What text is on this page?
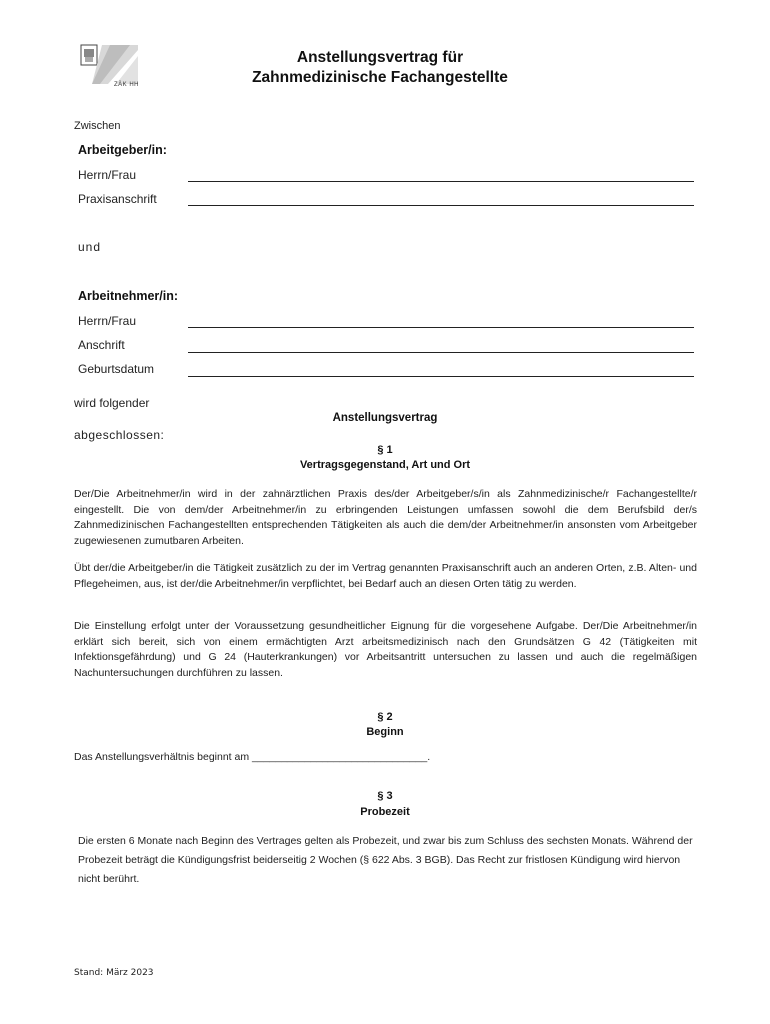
ZÄK HH
Anstellungsvertrag für
Zahnmedizinische Fachangestellte
Zwischen
Arbeitgeber/in:
Herrn/Frau
Praxisanschrift
und
Arbeitnehmer/in:
Herrn/Frau
Anschrift
Geburtsdatum
wird folgender
Anstellungsvertrag
abgeschlossen:
§ 1
Vertragsgegenstand, Art und Ort
Der/Die Arbeitnehmer/in wird in der zahnärztlichen Praxis des/der Arbeitgeber/s/in als Zahnmedizinische/r Fachangestellte/r eingestellt. Die von dem/der Arbeitnehmer/in zu erbringenden Leistungen umfassen sowohl die dem Berufsbild der/s Zahnmedizinischen Fachangestellten entsprechenden Tätigkeiten als auch die dem/der Arbeitnehmer/in ansonsten vom Arbeitgeber zugewiesenen zumutbaren Arbeiten.
Übt der/die Arbeitgeber/in die Tätigkeit zusätzlich zu der im Vertrag genannten Praxisanschrift auch an anderen Orten, z.B. Alten- und Pflegeheimen, aus, ist der/die Arbeitnehmer/in verpflichtet, bei Bedarf auch an diesen Orten tätig zu werden.
Die Einstellung erfolgt unter der Voraussetzung gesundheitlicher Eignung für die vorgesehene Aufgabe. Der/Die Arbeitnehmer/in erklärt sich bereit, sich von einem ermächtigten Arzt arbeitsmedizinisch nach den Grundsätzen G 42 (Tätigkeiten mit Infektionsgefährdung) und G 24 (Hauterkrankungen) vor Arbeitsantritt untersuchen zu lassen und auch die regelmäßigen Nachuntersuchungen durchführen zu lassen.
§ 2
Beginn
Das Anstellungsverhältnis beginnt am ______________________________.
§ 3
Probezeit
Die ersten 6 Monate nach Beginn des Vertrages gelten als Probezeit, und zwar bis zum Schluss des sechsten Monats. Während der Probezeit beträgt die Kündigungsfrist beiderseitig 2 Wochen (§ 622 Abs. 3 BGB). Das Recht zur fristlosen Kündigung wird hiervon nicht berührt.
Stand: März 2023
